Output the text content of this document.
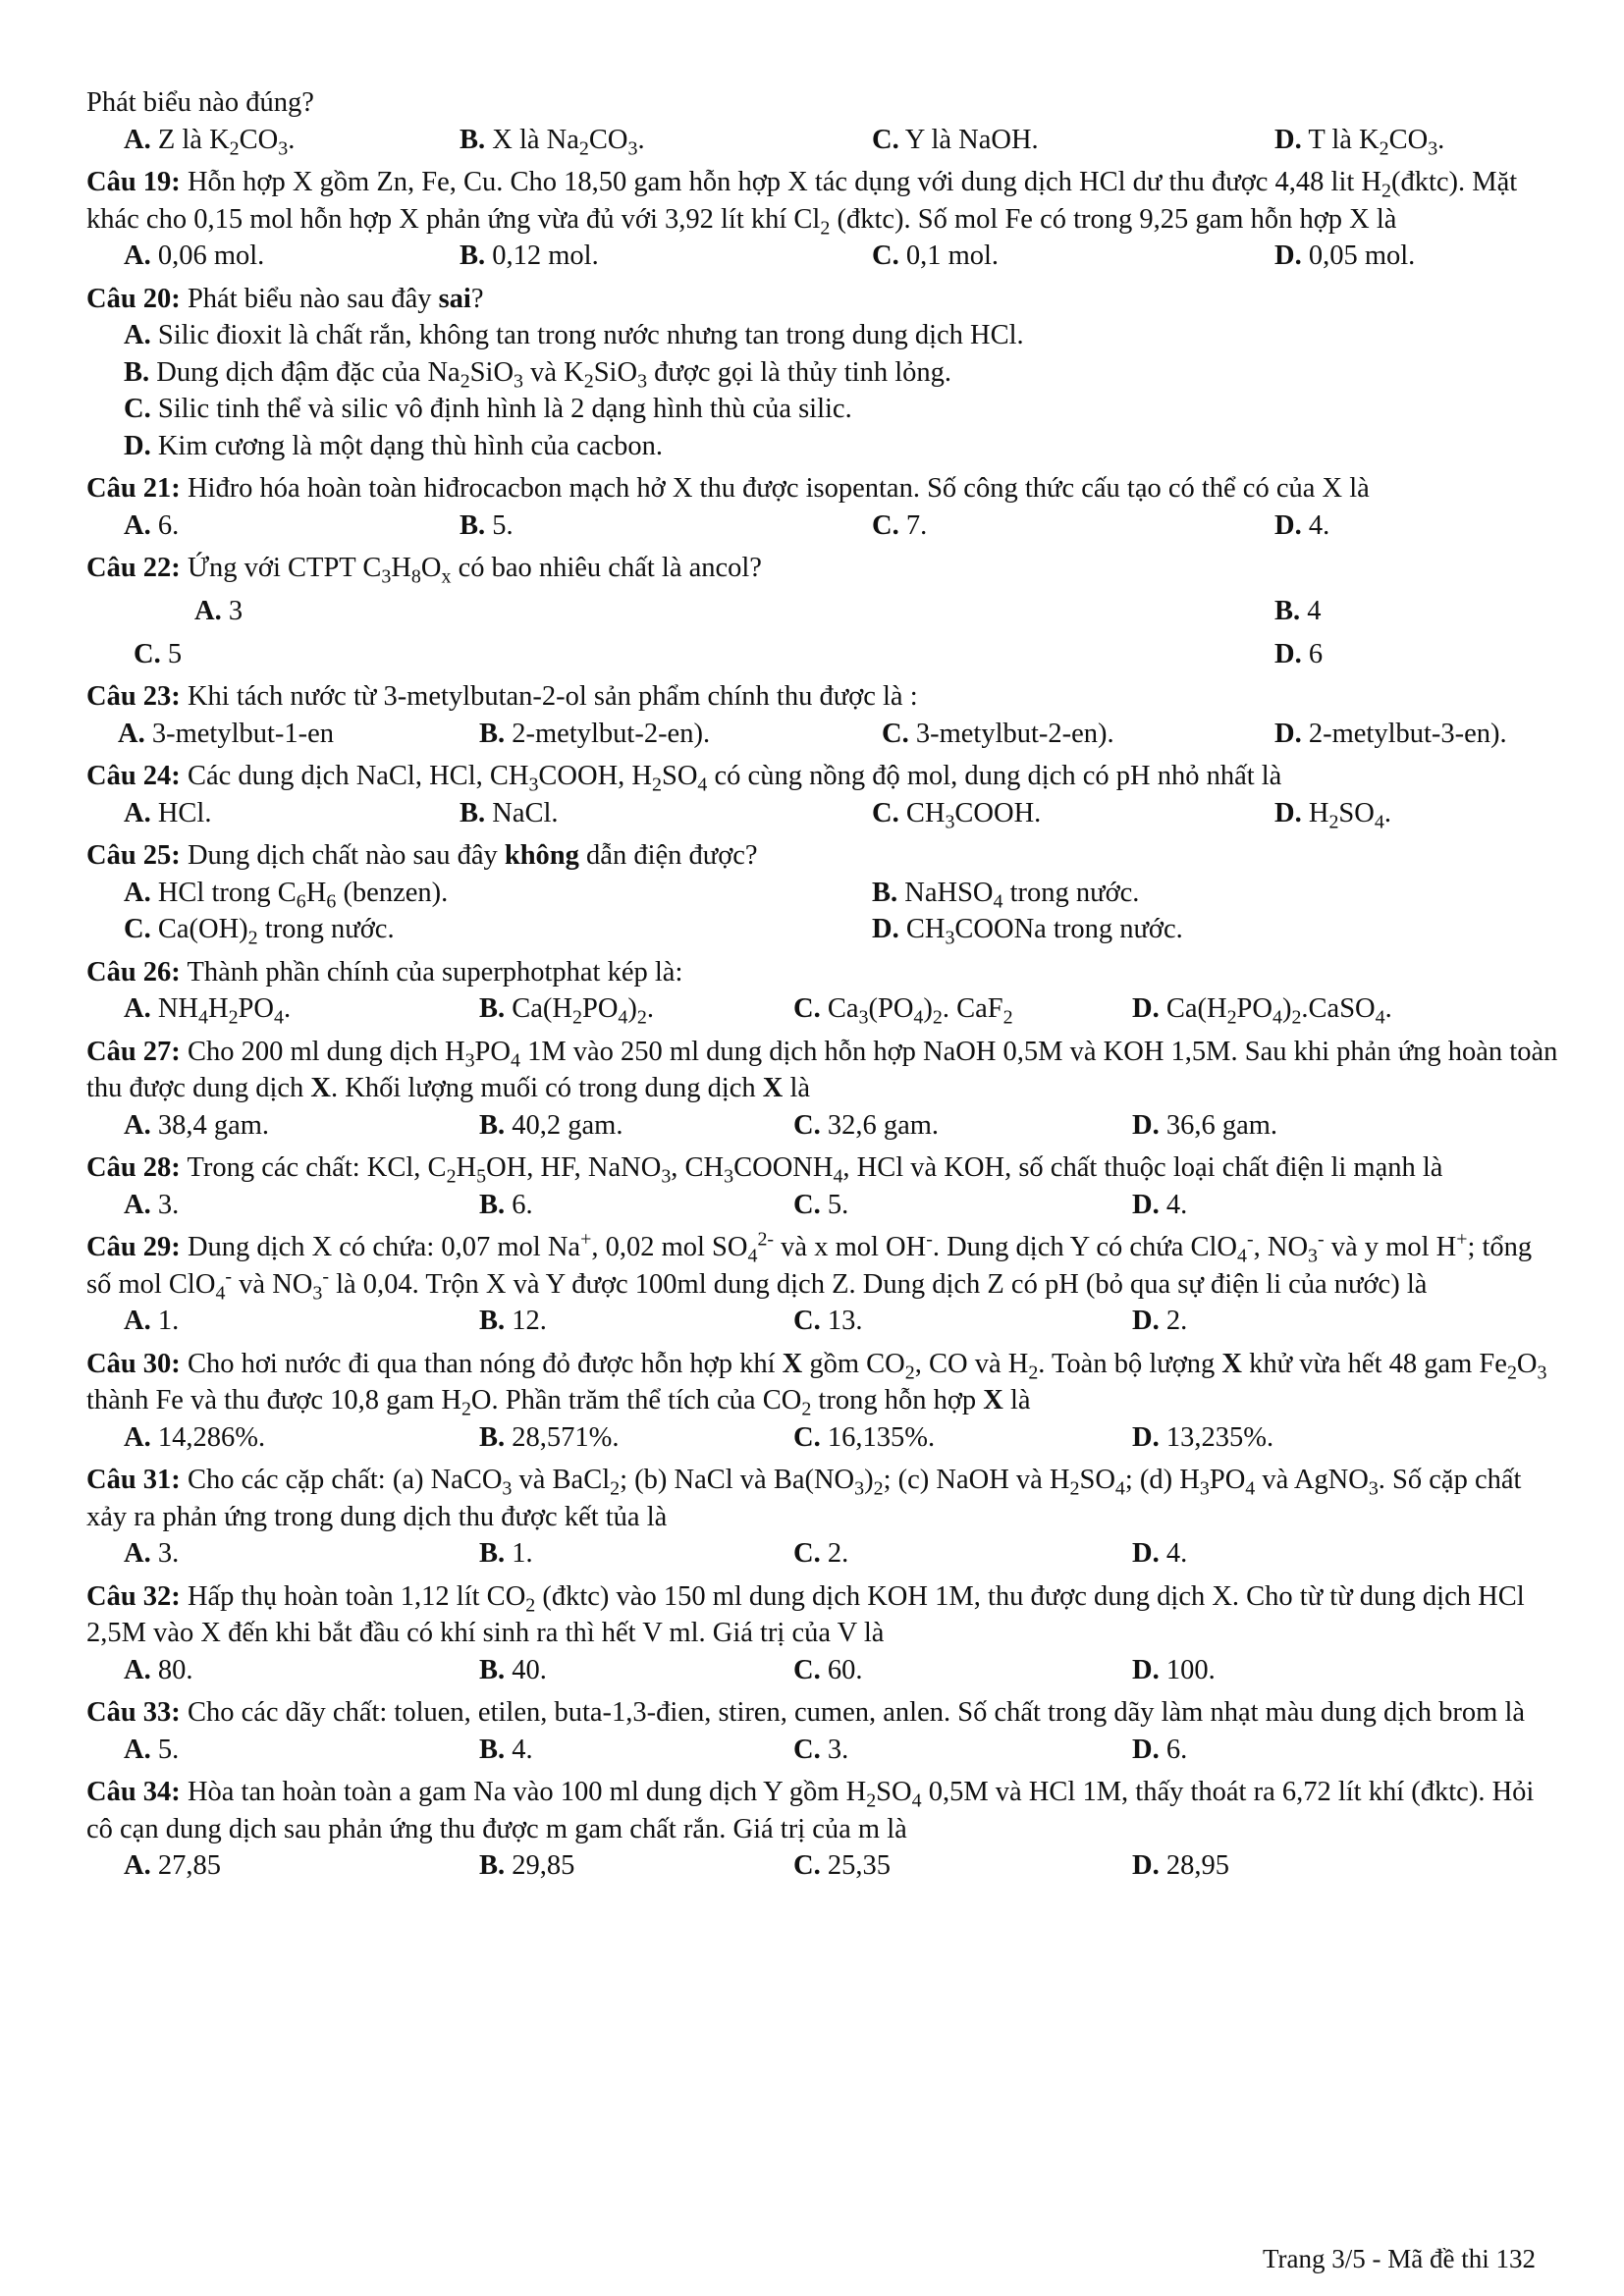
Phát biểu nào đúng?
A. Z là $K_2CO_3$.	B. X là $Na_2CO_3$.	C. Y là NaOH.	D. T là $K_2CO_3$.
Câu 19: Hỗn hợp X gồm Zn, Fe, Cu. Cho 18,50 gam hỗn hợp X tác dụng với dung dịch HCl dư thu được 4,48 lit $H_2(đktc)$. Mặt khác cho 0,15 mol hỗn hợp X phản ứng vừa đủ với 3,92 lít khí $Cl_2$ (đktc). Số mol Fe có trong 9,25 gam hỗn hợp X là
A. 0,06 mol.	B. 0,12 mol.	C. 0,1 mol.	D. 0,05 mol.
Câu 20: Phát biểu nào sau đây sai?
A. Silic đioxit là chất rắn, không tan trong nước nhưng tan trong dung dịch HCl.
B. Dung dịch đậm đặc của $Na_2SiO_3$ và $K_2SiO_3$ được gọi là thủy tinh lỏng.
C. Silic tinh thể và silic vô định hình là 2 dạng hình thù của silic.
D. Kim cương là một dạng thù hình của cacbon.
Câu 21: Hiđro hóa hoàn toàn hiđrocacbon mạch hở X thu được isopentan. Số công thức cấu tạo có thể có của X là
A. 6.	B. 5.	C. 7.	D. 4.
Câu 22: Ứng với CTPT $C_3H_8O_x$ có bao nhiêu chất là ancol?
A. 3	B. 4
C. 5	D. 6
Câu 23: Khi tách nước từ 3-metylbutan-2-ol sản phẩm chính thu được là :
A. 3-metylbut-1-en	B. 2-metylbut-2-en).	C. 3-metylbut-2-en).	D. 2-metylbut-3-en).
Câu 24: Các dung dịch NaCl, HCl, $CH_3COOH$, $H_2SO_4$ có cùng nồng độ mol, dung dịch có pH nhỏ nhất là
A. HCl.	B. NaCl.	C. $CH_3COOH$.	D. $H_2SO_4$.
Câu 25: Dung dịch chất nào sau đây không dẫn điện được?
A. HCl trong $C_6H_6$ (benzen).	B. NaHSO$_4$ trong nước.
C. $Ca(OH)_2$ trong nước.	D. $CH_3COONa$ trong nước.
Câu 26: Thành phần chính của superphotphat kép là:
A. $NH_4H_2PO_4$.	B. $Ca(H_2PO_4)_2$.	C. $Ca_3(PO_4)_2$. CaF$_2$	D. $Ca(H_2PO_4)_2.CaSO_4$.
Câu 27: Cho 200 ml dung dịch $H_3PO_4$ 1M vào 250 ml dung dịch hỗn hợp NaOH 0,5M và KOH 1,5M. Sau khi phản ứng hoàn toàn thu được dung dịch X. Khối lượng muối có trong dung dịch X là
A. 38,4 gam.	B. 40,2 gam.	C. 32,6 gam.	D. 36,6 gam.
Câu 28: Trong các chất: KCl, $C_2H_5OH$, HF, NaNO$_3$, $CH_3COONH_4$, HCl và KOH, số chất thuộc loại chất điện li mạnh là
A. 3.	B. 6.	C. 5.	D. 4.
Câu 29: Dung dịch X có chứa: 0,07 mol Na+, 0,02 mol $SO_4^{2-}$ và x mol OH-. Dung dịch Y có chứa ClO$_4$-, $NO_3^-$ và y mol H+; tổng số mol ClO$_4$- và $NO_3^-$ là 0,04. Trộn X và Y được 100ml dung dịch Z. Dung dịch Z có pH (bỏ qua sự điện li của nước) là
A. 1.	B. 12.	C. 13.	D. 2.
Câu 30: Cho hơi nước đi qua than nóng đỏ được hỗn hợp khí X gồm $CO_2$, CO và $H_2$. Toàn bộ lượng X khử vừa hết 48 gam $Fe_2O_3$ thành Fe và thu được 10,8 gam $H_2O$. Phần trăm thể tích của $CO_2$ trong hỗn hợp X là
A. 14,286%.	B. 28,571%.	C. 16,135%.	D. 13,235%.
Câu 31: Cho các cặp chất: (a) NaCO$_3$ và BaCl$_2$; (b) NaCl và $Ba(NO_3)_2$; (c) NaOH và $H_2SO_4$; (d) $H_3PO_4$ và AgNO$_3$. Số cặp chất xảy ra phản ứng trong dung dịch thu được kết tủa là
A. 3.	B. 1.	C. 2.	D. 4.
Câu 32: Hấp thụ hoàn toàn 1,12 lít $CO_2$ (đktc) vào 150 ml dung dịch KOH 1M, thu được dung dịch X. Cho từ từ dung dịch HCl 2,5M vào X đến khi bắt đầu có khí sinh ra thì hết V ml. Giá trị của V là
A. 80.	B. 40.	C. 60.	D. 100.
Câu 33: Cho các dãy chất: toluen, etilen, buta-1,3-đien, stiren, cumen, anlen. Số chất trong dãy làm nhạt màu dung dịch brom là
A. 5.	B. 4.	C. 3.	D. 6.
Câu 34: Hòa tan hoàn toàn a gam Na vào 100 ml dung dịch Y gồm $H_2SO_4$ 0,5M và HCl 1M, thấy thoát ra 6,72 lít khí (đktc). Hỏi cô cạn dung dịch sau phản ứng thu được m gam chất rắn. Giá trị của m là
A. 27,85	B. 29,85	C. 25,35	D. 28,95
Trang 3/5 - Mã đề thi 132
